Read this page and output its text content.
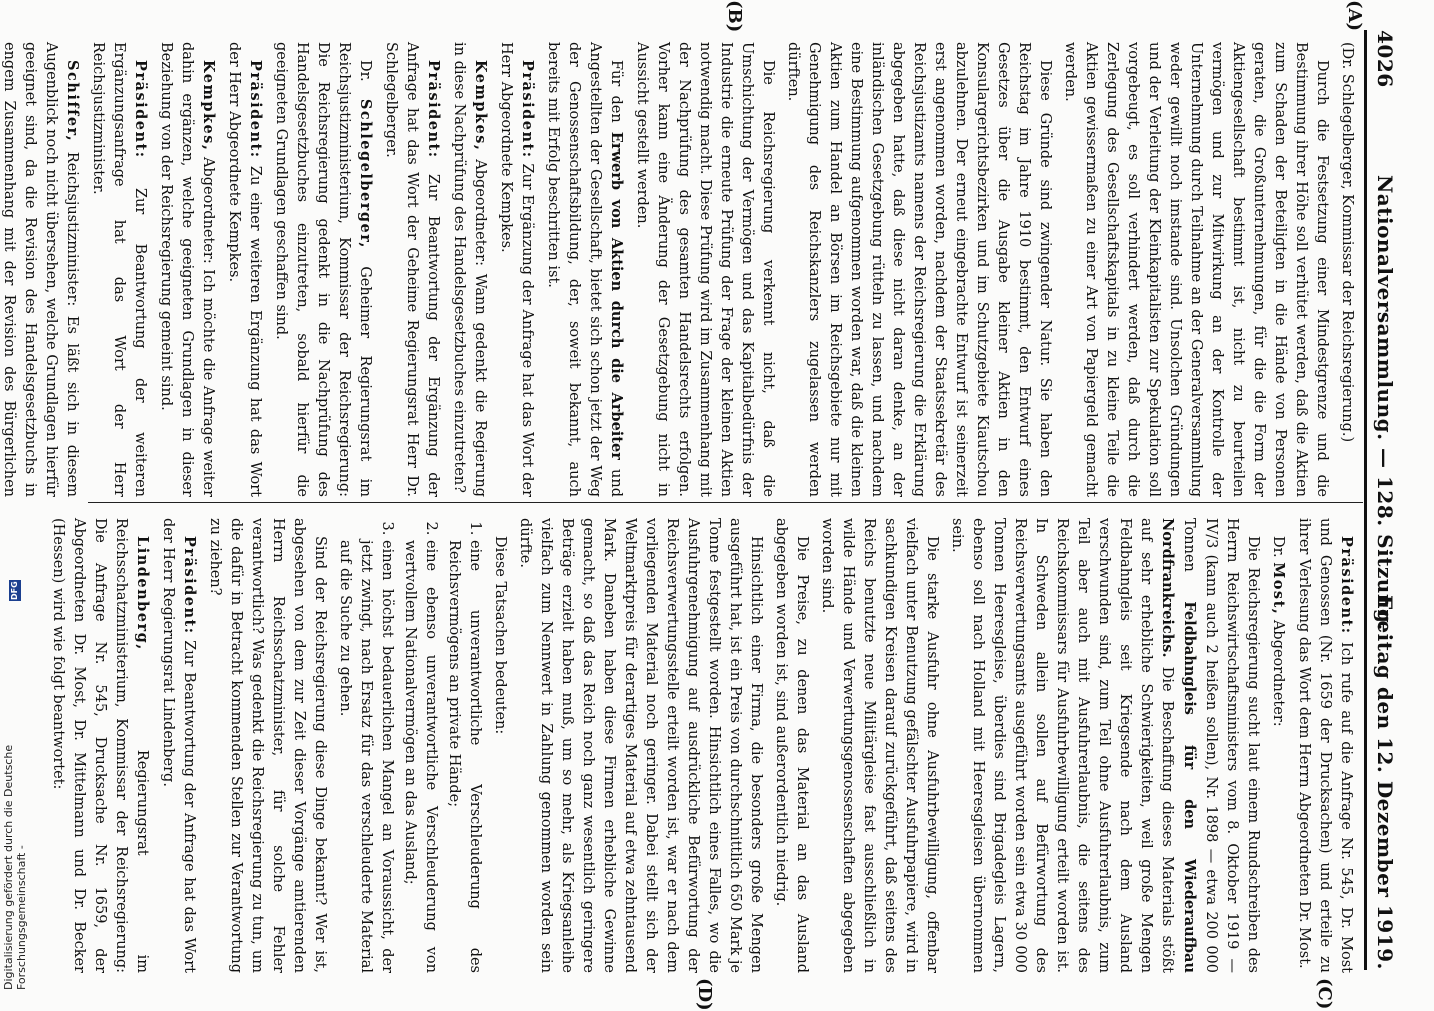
4026
Nationalversammlung. — 128. Sitzung.
Freitag den 12. Dezember 1919.
(A)
(B)
(C)
(D)

(Dr. Schlegelberger, Kommissar der Reichsregierung.)

Durch die Festsetzung einer Mindestgrenze und die Bestimmung ihrer Höhe soll verhütet werden, daß die Aktien zum Schaden der Beteiligten in die Hände von Personen geraten, die Großunternehmungen, für die die Form der Aktiengesellschaft bestimmt ist, nicht zu beurteilen vermögen und zur Mitwirkung an der Kontrolle der Unternehmung durch Teilnahme an der Generalversammlung weder gewillt noch imstande sind. Unsolchen Gründungen und der Verleitung der Kleinkapitalisten zur Spekulation soll vorgebeugt, es soll verhindert werden, daß durch die Zerlegung des Gesellschaftskapitals in zu kleine Teile die Aktien gewissermaßen zu einer Art von Papiergeld gemacht werden.

Diese Gründe sind zwingender Natur. Sie haben den Reichstag im Jahre 1910 bestimmt, den Entwurf eines Gesetzes über die Ausgabe kleiner Aktien in den Konsulargerichtsbezirken und im Schutzgebiete Kiautschou abzulehnen. Der erneut eingebrachte Entwurf ist seinerzeit erst angenommen worden, nachdem der Staatssekretär des Reichsjustizamts namens der Reichsregierung die Erklärung abgegeben hatte, daß diese nicht daran denke, an der inländischen Gesetzgebung rütteln zu lassen, und nachdem eine Bestimmung aufgenommen worden war, daß die kleinen Aktien zum Handel an Börsen im Reichsgebiete nur mit Genehmigung des Reichskanzlers zugelassen werden dürften.

Die Reichsregierung verkennt nicht, daß die Umschichtung der Vermögen und das Kapitalbedürfnis der Industrie die erneute Prüfung der Frage der kleinen Aktien notwendig macht. Diese Prüfung wird im Zusammenhang mit der Nachprüfung des gesamten Handelsrechts erfolgen. Vorher kann eine Änderung der Gesetzgebung nicht in Aussicht gestellt werden.

Für den Erwerb von Aktien durch die Arbeiter und Angestellten der Gesellschaft, bietet sich schon jetzt der Weg der Genossenschaftsbildung, der, soweit bekannt, auch bereits mit Erfolg beschritten ist.

Präsident: Zur Ergänzung der Anfrage hat das Wort der Herr Abgeordnete Kempkes.

Kempkes, Abgeordneter: Wann gedenkt die Regierung in diese Nachprüfung des Handelsgesetzbuches einzutreten?

Präsident: Zur Beantwortung der Ergänzung der Anfrage hat das Wort der Geheime Regierungsrat Herr Dr. Schlegelberger.

Dr. Schlegelberger, Geheimer Regierungsrat im Reichsjustizministerium, Kommissar der Reichsregierung: Die Reichsregierung gedenkt in die Nachprüfung des Handelsgesetzbuches einzutreten, sobald hierfür die geeigneten Grundlagen geschaffen sind.

Präsident: Zu einer weiteren Ergänzung hat das Wort der Herr Abgeordnete Kempkes.

Kempkes, Abgeordneter: Ich möchte die Anfrage weiter dahin ergänzen, welche geeigneten Grundlagen in dieser Beziehung von der Reichsregierung gemeint sind.

Präsident: Zur Beantwortung der weiteren Ergänzungsanfrage hat das Wort der Herr Reichsjustizminister.

Schiffer, Reichsjustizminister: Es läßt sich in diesem Augenblick noch nicht übersehen, welche Grundlagen hierfür geeignet sind, da die Revision des Handelsgesetzbuchs in engem Zusammenhang mit der Revision des Bürgerlichen

Präsident: Ich rufe auf die Anfrage Nr. 545, Dr. Most und Genossen (Nr. 1659 der Drucksachen) und erteile zu ihrer Verlesung das Wort dem Herrn Abgeordneten Dr. Most.

Dr. Most, Abgeordneter:

Die Reichsregierung sucht laut einem Rundschreiben des Herrn Reichswirtschaftsministers vom 8. Oktober 1919 — IV/3 (kann auch 2 heißen sollen), Nr. 1898 — etwa 200 000 Tonnen Feldbahngleis für den Wiederaufbau Nordfrankreichs. Die Beschaffung dieses Materials stößt auf sehr erhebliche Schwierigkeiten, weil große Mengen Feldbahngleis seit Kriegsende nach dem Ausland verschwunden sind, zum Teil ohne Ausfuhrerlaubnis, zum Teil aber auch mit Ausfuhrerlaubnis, die seitens des Reichskommissars für Ausfuhrbewilligung erteilt worden ist. In Schweden allein sollen auf Befürwortung des Reichsverwertungsamts ausgeführt worden sein etwa 30 000 Tonnen Heeresgleise, überdies sind Brigadegleis Lagern, ebenso soll nach Holland mit Heeresgleisen übernommen sein.

Die starke Ausfuhr ohne Ausfuhrbewilligung, offenbar vielfach unter Benutzung gefälschter Ausfuhrpapiere, wird in sachkundigen Kreisen darauf zurückgeführt, daß seitens des Reichs benutzte neue Militärgleise fast ausschließlich in wilde Hände und Verwertungsgenossenschaften abgegeben worden sind.

Die Preise, zu denen das Material an das Ausland abgegeben worden ist, sind außerordentlich niedrig.

Hinsichtlich einer Firma, die besonders große Mengen ausgeführt hat, ist ein Preis von durchschnittlich 650 Mark je Tonne festgestellt worden. Hinsichtlich eines Falles, wo die Ausfuhrgenehmigung auf ausdrückliche Befürwortung der Reichsverwertungsstelle erteilt worden ist, war er nach dem vorliegenden Material noch geringer. Dabei stellt sich der Weltmarktpreis für derartiges Material auf etwa zehntausend Mark. Daneben haben diese Firmen erhebliche Gewinne gemacht, so daß das Reich noch ganz wesentlich geringere Beträge erzielt haben muß, um so mehr, als Kriegsanleihe vielfach zum Nennwert in Zahlung genommen worden sein dürfte.

Diese Tatsachen bedeuten:

1. eine unverantwortliche Verschleuderung des Reichsvermögens an private Hände;
2. eine ebenso unverantwortliche Verschleuderung von wertvollem Nationalvermögen an das Ausland;
3. einen höchst bedauerlichen Mangel an Voraussicht, der jetzt zwingt, nach Ersatz für das verschleuderte Material auf die Suche zu gehen.

Sind der Reichsregierung diese Dinge bekannt? Wer ist, abgesehen von dem zur Zeit dieser Vorgänge amtierenden Herrn Reichsschatzminister, für solche Fehler verantwortlich? Was gedenkt die Reichsregierung zu tun, um die dafür in Betracht kommenden Stellen zur Verantwortung zu ziehen?

Präsident: Zur Beantwortung der Anfrage hat das Wort der Herr Regierungsrat Lindenberg.

Lindenberg, Regierungsrat im Reichsschatzministerium, Kommissar der Reichsregierung: Die Anfrage Nr. 545, Drucksache Nr. 1659, der Abgeordneten Dr. Most, Dr. Mittelmann und Dr. Becker (Hessen) wird wie folgt beantwortet:

Digitalisierung gefördert durch die Deutsche Forschungsgemeinschaft -
DFG
